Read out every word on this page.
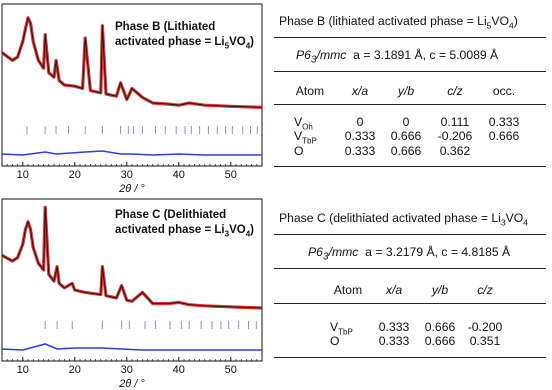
10	20	30	40	50
2θ / °
Phase B (Lithiated
activated phase = $Li_5VO_4$)
10	20	30	40	50
2θ / °
Phase C (Delithiated
activated phase = $Li_3VO_4$)
Phase B (lithiated activated phase = $Li_5VO_4$)
$P6_3$/mmc a = 3.1891 Å, c = 5.0089 Å
Atom	x/a	y/b	c/z	occ.
$V_{Oh}$	0	0	0.111	0.333
$V_{TbP}$	0.333	0.666	-0.206	0.666
O	0.333	0.666	0.362
Phase C (delithiated activated phase = $Li_3VO_4$
$P6_3$/mmc a = 3.2179 Å, c = 4.8185 Å
Atom	x/a	y/b	c/z
$V_{TbP}$	0.333	0.666	-0.200
O	0.333	0.666	0.351
